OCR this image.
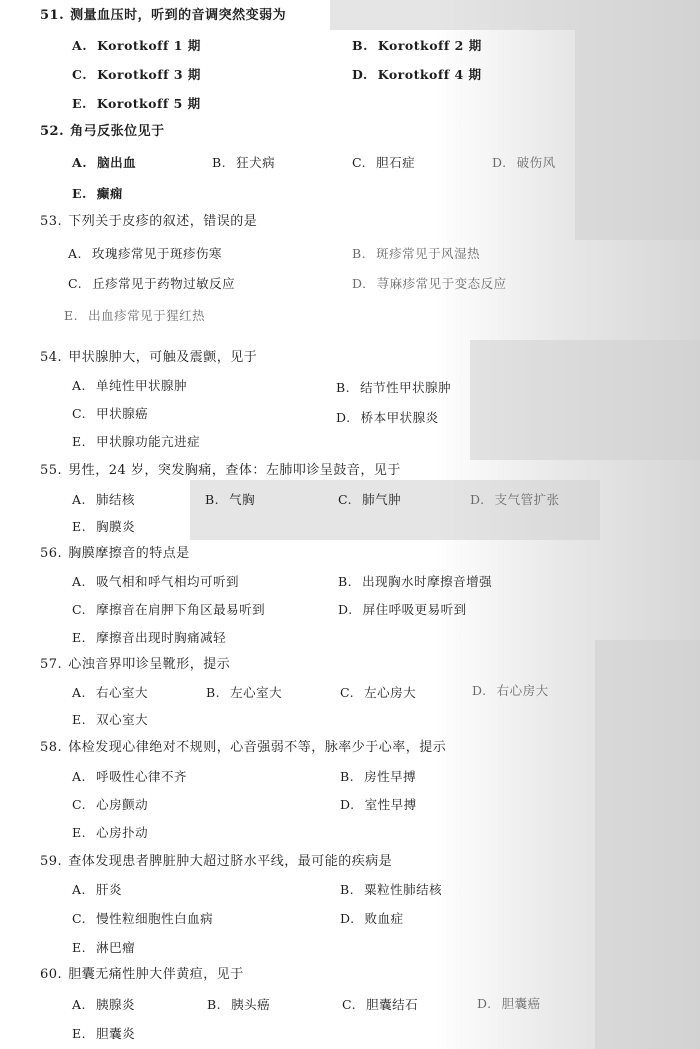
51. 测量血压时，听到的音调突然变弱为
A. Korotkoff 1 期	B. Korotkoff 2 期
C. Korotkoff 3 期	D. Korotkoff 4 期
E. Korotkoff 5 期
52. 角弓反张位见于
A. 脑出血	B. 狂犬病	C. 胆石症	D. 破伤风
E. 癫痫
53. 下列关于皮疹的叙述，错误的是
A. 玫瑰疹常见于斑疹伤寒	B. 斑疹常见于风湿热
C. 丘疹常见于药物过敏反应	D. 荨麻疹常见于变态反应
E. 出血疹常见于猩红热
54. 甲状腺肿大，可触及震颤，见于
A. 单纯性甲状腺肿	B. 结节性甲状腺肿
C. 甲状腺癌	D. 桥本甲状腺炎
E. 甲状腺功能亢进症
55. 男性，24 岁，突发胸痛，查体：左肺叩诊呈鼓音，见于
A. 肺结核	B. 气胸	C. 肺气肿	D. 支气管扩张
E. 胸膜炎
56. 胸膜摩擦音的特点是
A. 吸气相和呼气相均可听到	B. 出现胸水时摩擦音增强
C. 摩擦音在肩胛下角区最易听到	D. 屏住呼吸更易听到
E. 摩擦音出现时胸痛减轻
57. 心浊音界叩诊呈靴形，提示
A. 右心室大	B. 左心室大	C. 左心房大	D. 右心房大
E. 双心室大
58. 体检发现心律绝对不规则，心音强弱不等，脉率少于心率，提示
A. 呼吸性心律不齐	B. 房性早搏
C. 心房颤动	D. 室性早搏
E. 心房扑动
59. 查体发现患者脾脏肿大超过脐水平线，最可能的疾病是
A. 肝炎	B. 粟粒性肺结核
C. 慢性粒细胞性白血病	D. 败血症
E. 淋巴瘤
60. 胆囊无痛性肿大伴黄疸，见于
A. 胰腺炎	B. 胰头癌	C. 胆囊结石	D. 胆囊癌
E. 胆囊炎
